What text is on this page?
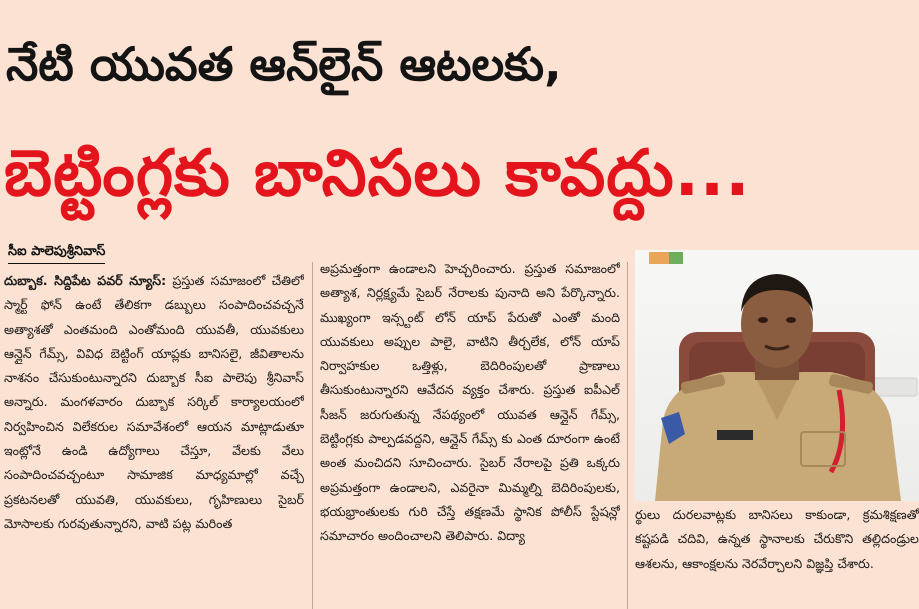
నేటి యువత ఆన్‌లైన్ ఆటలకు,
బెట్టింగ్లకు బానిసలు కావద్దు...
సీఐ పాలెపుశ్రీనివాస్
దుబ్బాక. సిద్దిపేట పవర్ న్యూస్: ప్రస్తుత సమాజంలో చేతిలో స్మార్ట్ ఫోన్ ఉంటే తేలికగా డబ్బులు సంపాదించవచ్చనే అత్యాశతో ఎంతమంది ఎంతోమంది యువతీ, యువకులు ఆన్లైన్ గేమ్స్, వివిధ బెట్టింగ్ యాప్లకు బానిసలై, జీవితాలను నాశనం చేసుకుంటున్నారని దుబ్బాక సీఐ పాలెపు శ్రీనివాస్ అన్నారు. మంగళవారం దుబ్బాక సర్కిల్ కార్యాలయంలో నిర్వహించిన విలేకరుల సమావేశంలో ఆయన మాట్లాడుతూ ఇంట్లోనే ఉండి ఉద్యోగాలు చేస్తూ, వేలకు వేలు సంపాదించవచ్చంటూ సామాజిక మాధ్యమాల్లో వచ్చే ప్రకటనలతో యువతి, యువకులు, గృహిణులు సైబర్ మోసాలకు గురవుతున్నారని, వాటి పట్ల మరింత
అప్రమత్తంగా ఉండాలని హెచ్చరించారు. ప్రస్తుత సమాజంలో అత్యాశ, నిర్లక్ష్యమే సైబర్ నేరాలకు పునాది అని పేర్కొన్నారు. ముఖ్యంగా ఇన్స్టంట్ లోన్ యాప్ పేరుతో ఎంతో మంది యువకులు అప్పుల పాలై, వాటిని తీర్చలేక, లోన్ యాప్ నిర్వాహకుల ఒత్తిళ్లు, బెదిరింపులతో ప్రాణాలు తీసుకుంటున్నారని ఆవేదన వ్యక్తం చేశారు. ప్రస్తుత ఐపీఎల్ సీజన్ జరుగుతున్న నేపథ్యంలో యువత ఆన్లైన్ గేమ్స్, బెట్టింగ్లకు పాల్పడవద్దని, ఆన్లైన్ గేమ్స్ కు ఎంత దూరంగా ఉంటే అంత మంచిదని సూచించారు. సైబర్ నేరాలపై ప్రతి ఒక్కరు అప్రమత్తంగా ఉండాలని, ఎవరైనా మిమ్మల్ని బెదిరింపులకు, భయభ్రాంతులకు గురి చేస్తే తక్షణమే స్థానిక పోలీస్ స్టేషన్లో సమాచారం అందించాలని తెలిపారు. విద్యా
ర్థులు దురలవాట్లకు బానిసలు కాకుండా, క్రమశిక్షణతో కష్టపడి చదివి, ఉన్నత స్థానాలకు చేరుకొని తల్లిదండ్రుల ఆశలను, ఆకాంక్షలను నెరవేర్చాలని విజ్ఞప్తి చేశారు.
